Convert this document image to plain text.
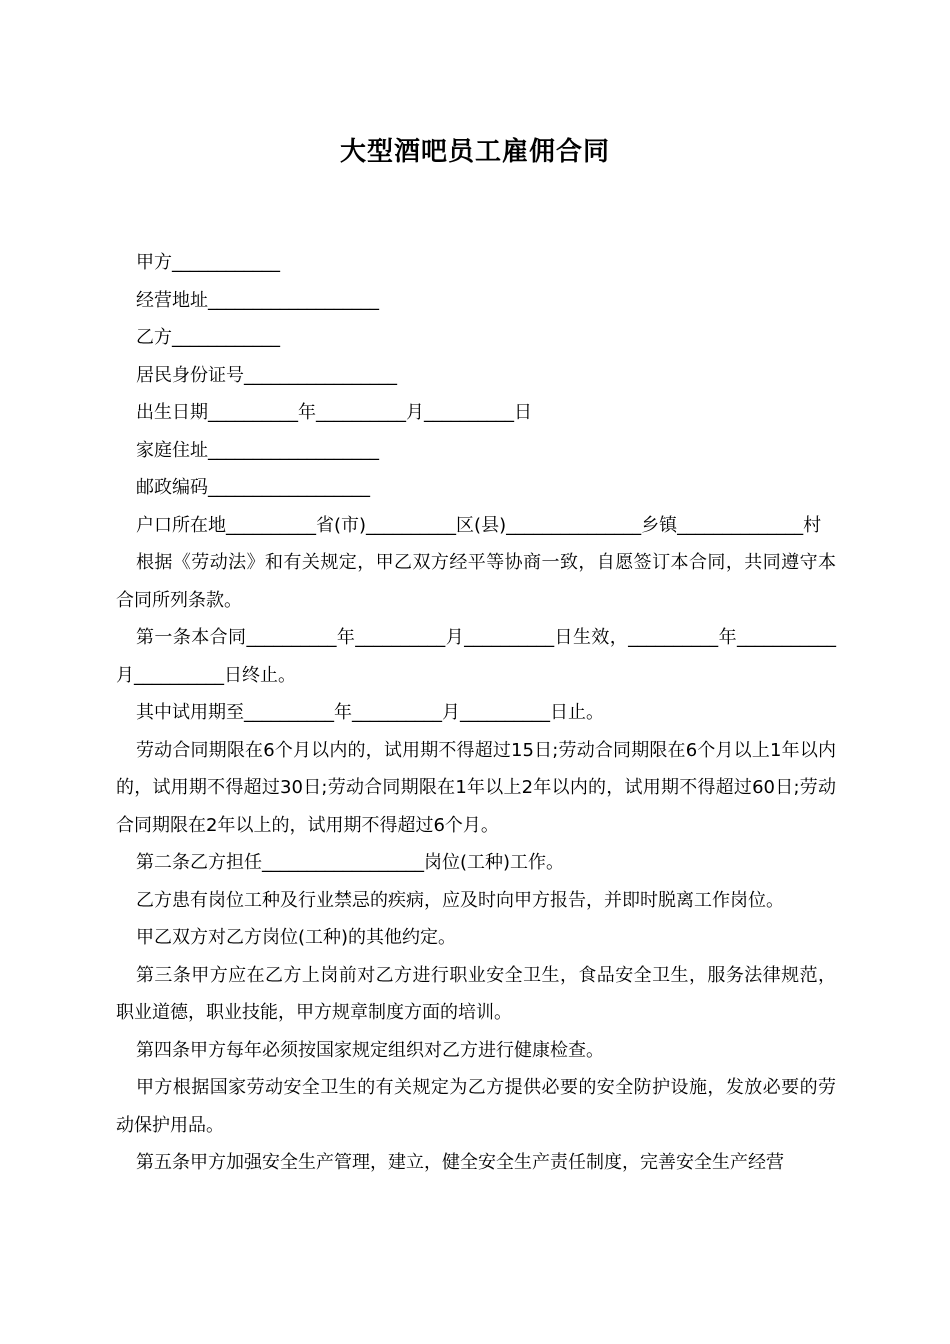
大型酒吧员工雇佣合同

甲方____________

经营地址___________________

乙方____________

居民身份证号_________________

出生日期__________年__________月__________日

家庭住址___________________

邮政编码__________________

户口所在地__________省(市)__________区(县)_______________乡镇______________村

根据《劳动法》和有关规定，甲乙双方经平等协商一致，自愿签订本合同，共同遵守本合同所列条款。

第一条本合同__________年__________月__________日生效，__________年___________月__________日终止。

其中试用期至__________年__________月__________日止。

劳动合同期限在6个月以内的，试用期不得超过15日;劳动合同期限在6个月以上1年以内的，试用期不得超过30日;劳动合同期限在1年以上2年以内的，试用期不得超过60日;劳动合同期限在2年以上的，试用期不得超过6个月。

第二条乙方担任__________________岗位(工种)工作。

乙方患有岗位工种及行业禁忌的疾病，应及时向甲方报告，并即时脱离工作岗位。

甲乙双方对乙方岗位(工种)的其他约定。

第三条甲方应在乙方上岗前对乙方进行职业安全卫生，食品安全卫生，服务法律规范，职业道德，职业技能，甲方规章制度方面的培训。

第四条甲方每年必须按国家规定组织对乙方进行健康检查。

甲方根据国家劳动安全卫生的有关规定为乙方提供必要的安全防护设施，发放必要的劳动保护用品。

第五条甲方加强安全生产管理，建立，健全安全生产责任制度，完善安全生产经营
